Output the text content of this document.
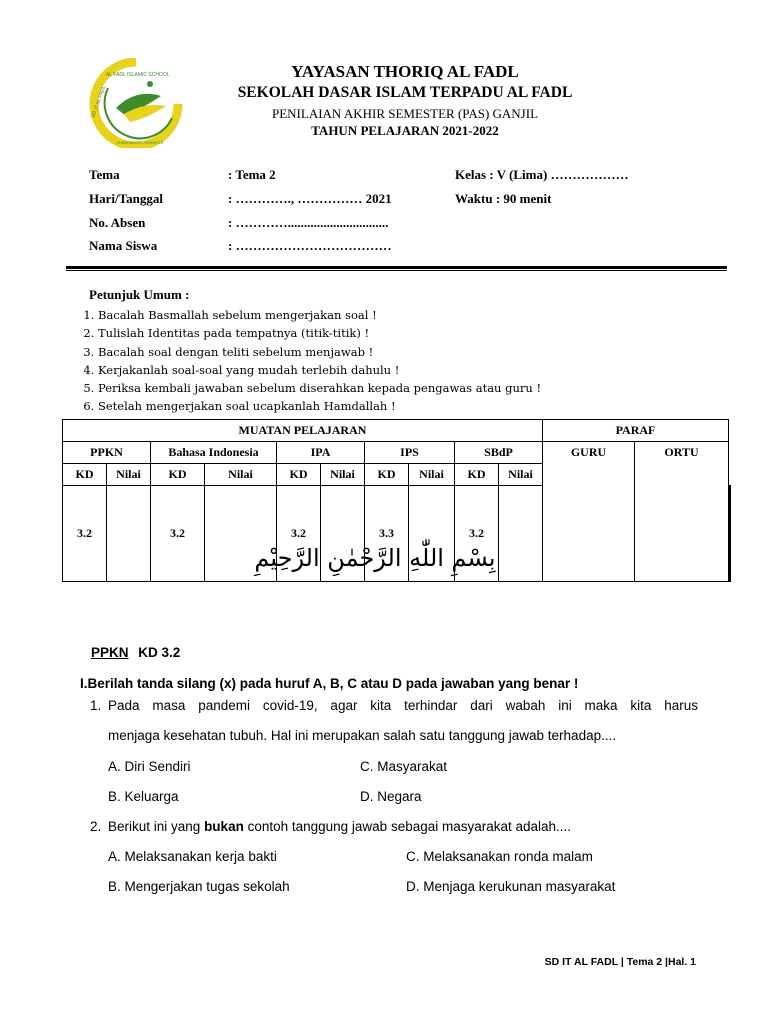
AL FADL ISLAMIC SCHOOL
SD IT AL FADL
CHARISMATIC INSIGHTS
YAYASAN THORIQ AL FADL
SEKOLAH DASAR ISLAM TERPADU AL FADL
PENILAIAN AKHIR SEMESTER (PAS) GANJIL
TAHUN PELAJARAN 2021-2022
Tema	: Tema 2
Hari/Tanggal	: …………., …………… 2021
No. Absen	: …………...............................
Nama Siswa	: ………………………………
Kelas : V (Lima) ………………
Waktu : 90 menit
Petunjuk Umum :
1. Bacalah Basmallah sebelum mengerjakan soal !
2. Tulislah Identitas pada tempatnya (titik-titik) !
3. Bacalah soal dengan teliti sebelum menjawab !
4. Kerjakanlah soal-soal yang mudah terlebih dahulu !
5. Periksa kembali jawaban sebelum diserahkan kepada pengawas atau guru !
6. Setelah mengerjakan soal ucapkanlah Hamdallah !
MUATAN PELAJARAN										PARAF		
PPKN		Bahasa Indonesia		IPA		IPS		SBdP		GURU	ORTU	
KD	Nilai	KD	Nilai	KD	Nilai	KD	Nilai	KD	Nilai			
3.2		3.2		3.2		3.3		3.2				
بِسْمِ اللّٰهِ الرَّحْمٰنِ الرَّحِيْمِ
PPKN KD 3.2
I.Berilah tanda silang (x) pada huruf A, B, C atau D pada jawaban yang benar !
1. Pada masa pandemi covid-19, agar kita terhindar dari wabah ini maka kita harus
menjaga kesehatan tubuh. Hal ini merupakan salah satu tanggung jawab terhadap....
A. Diri Sendiri	C. Masyarakat
B. Keluarga	D. Negara
2. Berikut ini yang bukan contoh tanggung jawab sebagai masyarakat adalah....
A. Melaksanakan kerja bakti	C. Melaksanakan ronda malam
B. Mengerjakan tugas sekolah	D. Menjaga kerukunan masyarakat
SD IT AL FADL | Tema 2 |Hal. 1
